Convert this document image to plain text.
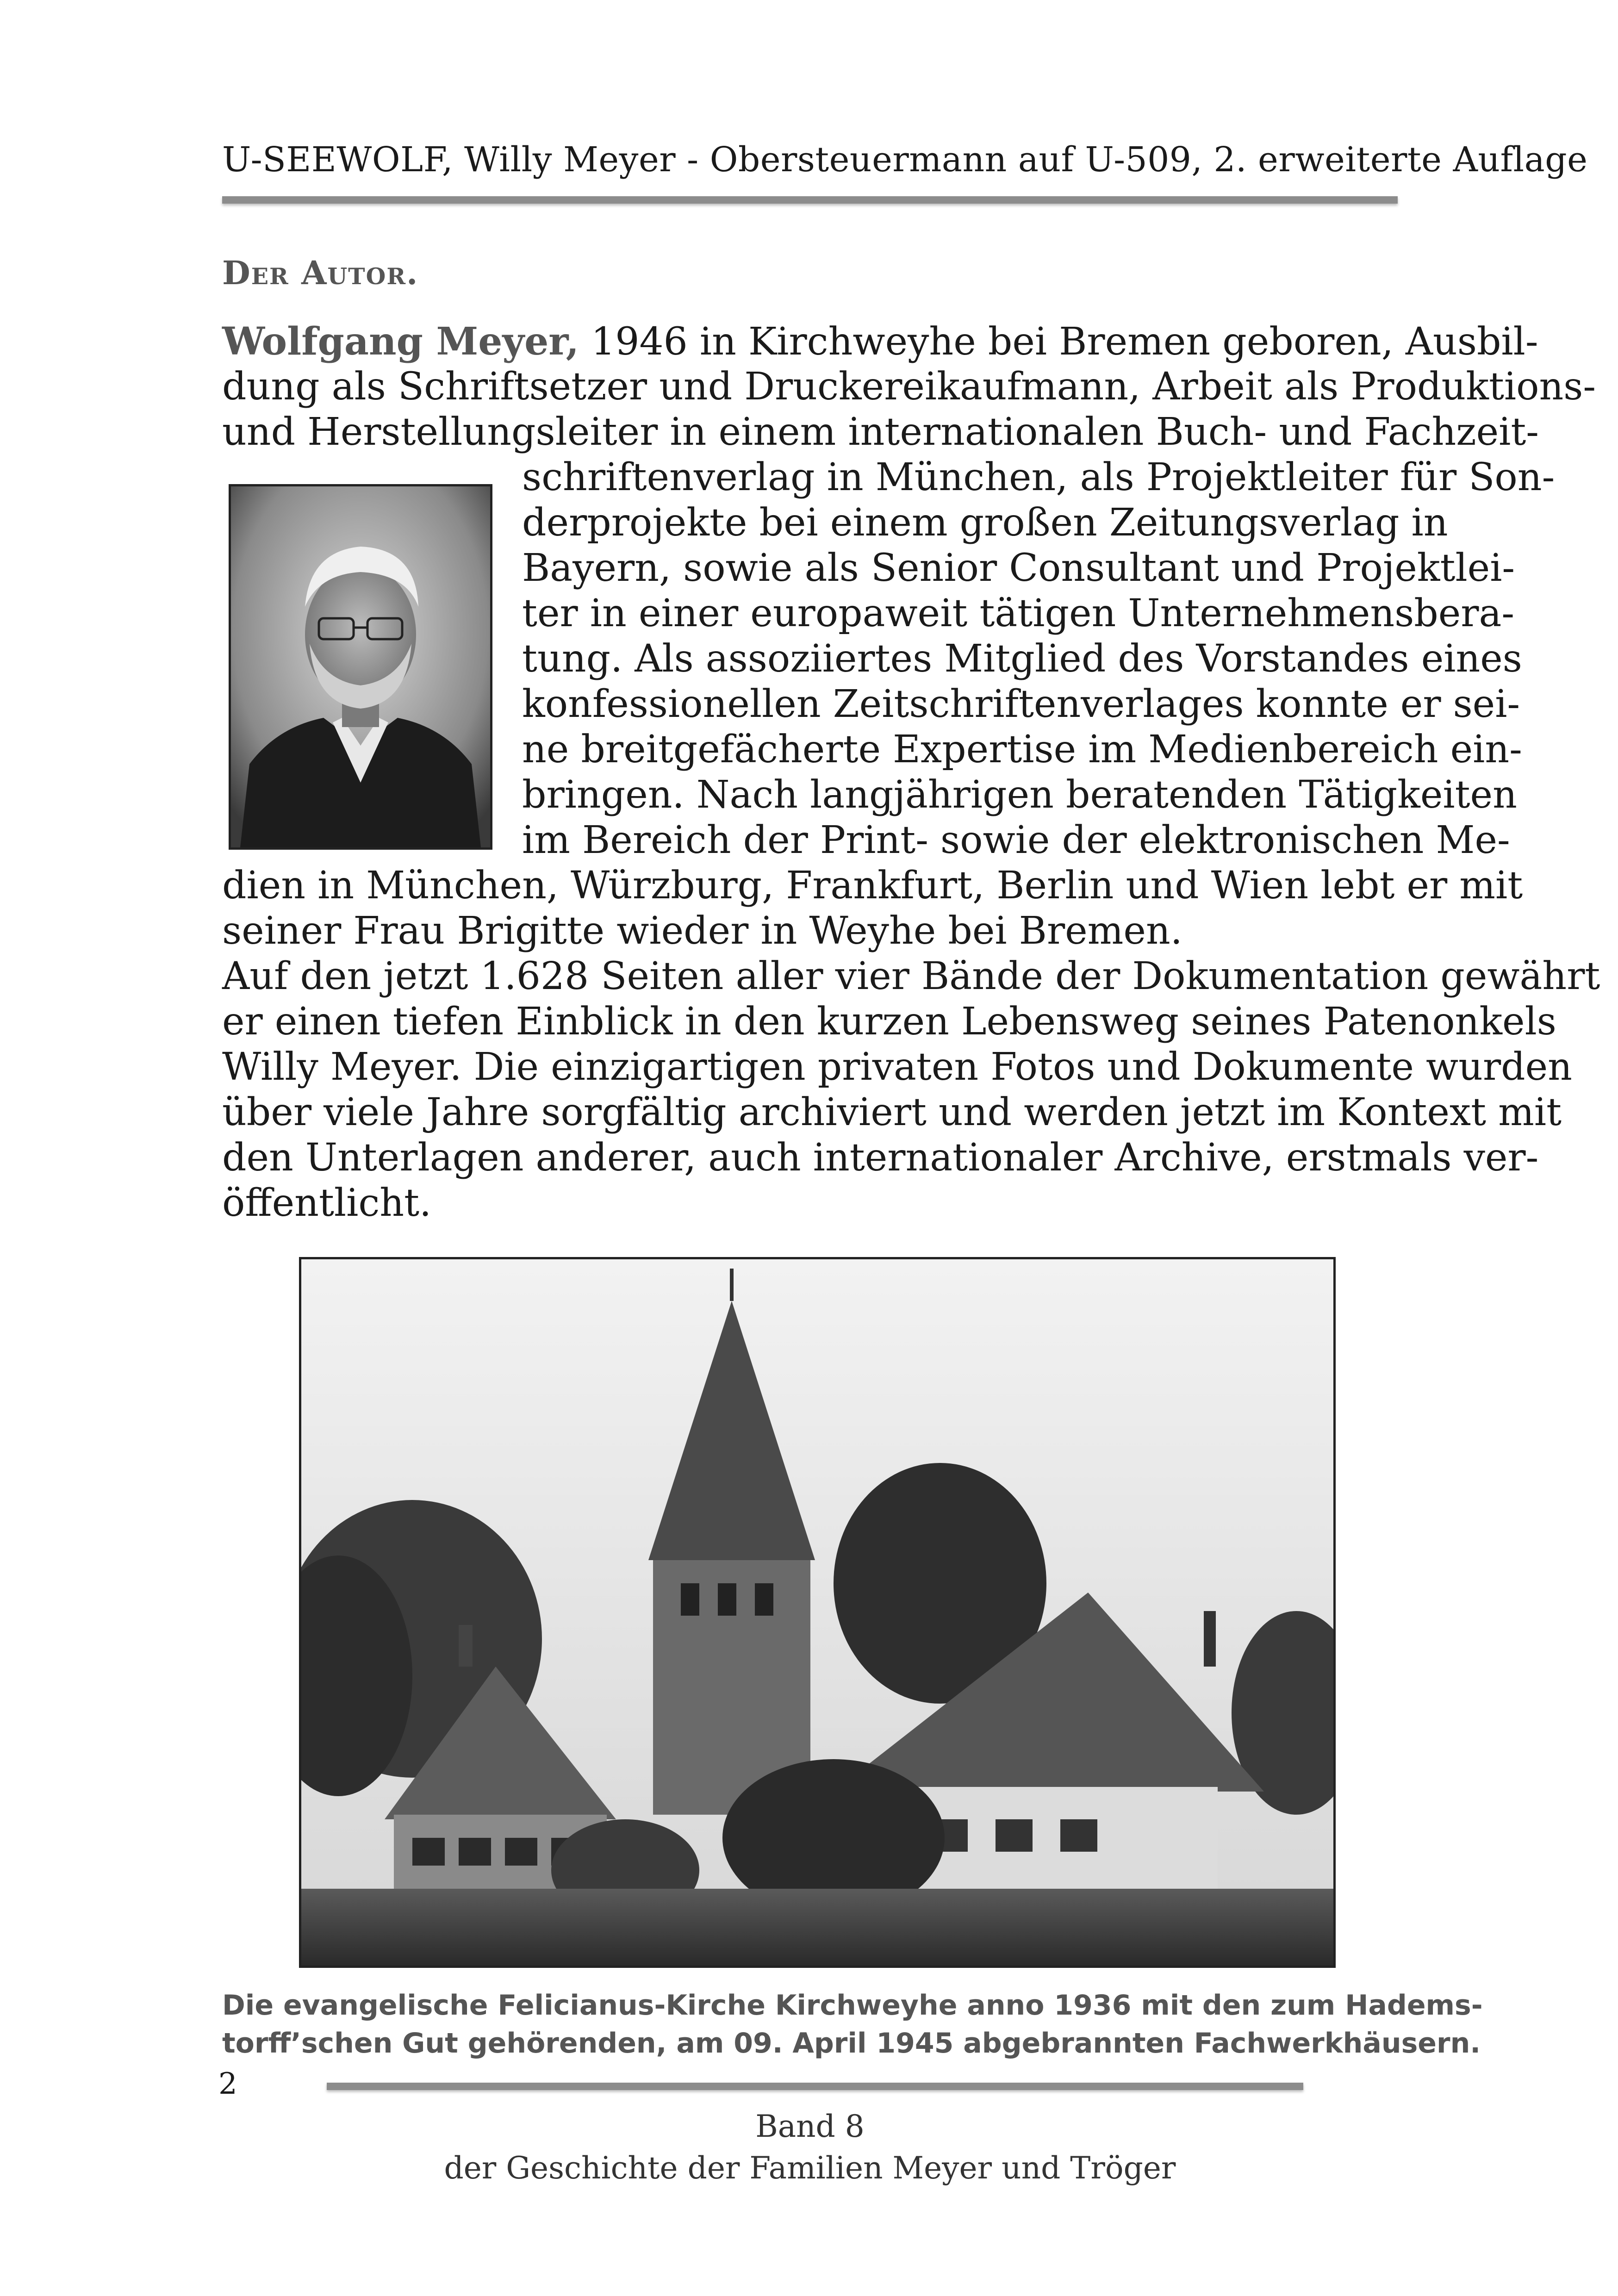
U-SEEWOLF, Willy Meyer - Obersteuermann auf U-509, 2. erweiterte Auflage
Der Autor.
Wolfgang Meyer, 1946 in Kirchweyhe bei Bremen geboren, Ausbil-
dung als Schriftsetzer und Druckereikaufmann, Arbeit als Produktions-
und Herstellungsleiter in einem internationalen Buch- und Fachzeit-
schriftenverlag in München, als Projektleiter für Son-
derprojekte bei einem großen Zeitungsverlag in
Bayern, sowie als Senior Consultant und Projektlei-
ter in einer europaweit tätigen Unternehmensbera-
tung. Als assoziiertes Mitglied des Vorstandes eines
konfessionellen Zeitschriftenverlages konnte er sei-
ne breitgefächerte Expertise im Medienbereich ein-
bringen. Nach langjährigen beratenden Tätigkeiten
im Bereich der Print- sowie der elektronischen Me-
dien in München, Würzburg, Frankfurt, Berlin und Wien lebt er mit
seiner Frau Brigitte wieder in Weyhe bei Bremen.
Auf den jetzt 1.628 Seiten aller vier Bände der Dokumentation gewährt
er einen tiefen Einblick in den kurzen Lebensweg seines Patenonkels
Willy Meyer. Die einzigartigen privaten Fotos und Dokumente wurden
über viele Jahre sorgfältig archiviert und werden jetzt im Kontext mit
den Unterlagen anderer, auch internationaler Archive, erstmals ver-
öffentlicht.
Die evangelische Felicianus-Kirche Kirchweyhe anno 1936 mit den zum Hadems-
torff’schen Gut gehörenden, am 09. April 1945 abgebrannten Fachwerkhäusern.
2
Band 8
der Geschichte der Familien Meyer und Tröger
